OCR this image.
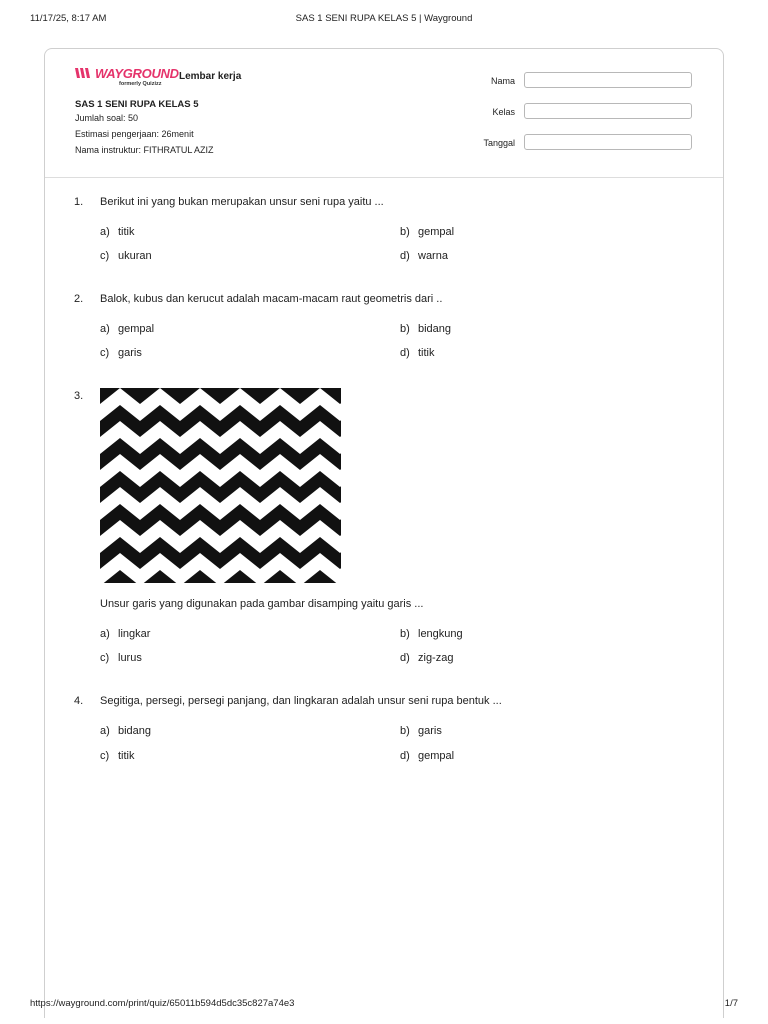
11/17/25, 8:17 AM	SAS 1 SENI RUPA KELAS 5 | Wayground
WAYGROUND
formerly Quizizz
Lembar kerja
SAS 1 SENI RUPA KELAS 5
Jumlah soal: 50
Estimasi pengerjaan: 26menit
Nama instruktur: FITHRATUL AZIZ
Nama
Kelas
Tanggal
1. Berikut ini yang bukan merupakan unsur seni rupa yaitu ...
a) titik	b) gempal
c) ukuran	d) warna
2. Balok, kubus dan kerucut adalah macam-macam raut geometris dari ..
a) gempal	b) bidang
c) garis	d) titik
3.
Unsur garis yang digunakan pada gambar disamping yaitu garis ...
a) lingkar	b) lengkung
c) lurus	d) zig-zag
4. Segitiga, persegi, persegi panjang, dan lingkaran adalah unsur seni rupa bentuk ...
a) bidang	b) garis
c) titik	d) gempal
https://wayground.com/print/quiz/65011b594d5dc35c827a74e3	1/7
